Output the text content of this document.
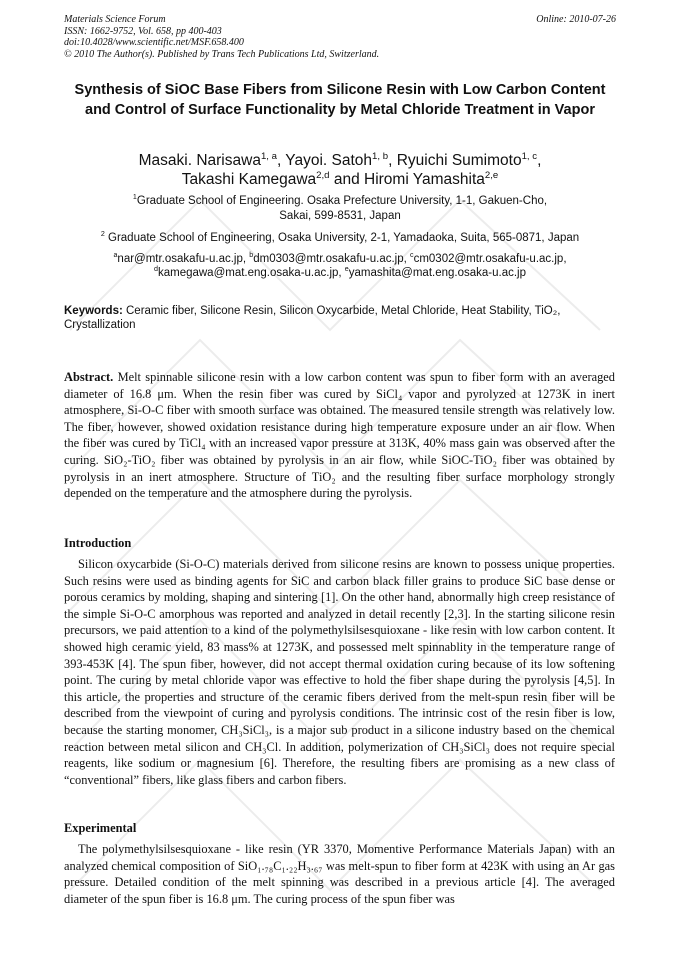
Materials Science Forum	Online: 2010-07-26
ISSN: 1662-9752, Vol. 658, pp 400-403
doi:10.4028/www.scientific.net/MSF.658.400
© 2010 The Author(s). Published by Trans Tech Publications Ltd, Switzerland.
Synthesis of SiOC Base Fibers from Silicone Resin with Low Carbon Content and Control of Surface Functionality by Metal Chloride Treatment in Vapor
Masaki. Narisawa$^{1, a}$, Yayoi. Satoh$^{1, b}$, Ryuichi Sumimoto$^{1, c}$,
Takashi Kamegawa$^{2,d}$ and Hiromi Yamashita$^{2,e}$
$^1$Graduate School of Engineering. Osaka Prefecture University, 1-1, Gakuen-Cho,
Sakai, 599-8531, Japan
$^2$ Graduate School of Engineering, Osaka University, 2-1, Yamadaoka, Suita, 565-0871, Japan
$^a$nar@mtr.osakafu-u.ac.jp, $^b$dm0303@mtr.osakafu-u.ac.jp, $^c$cm0302@mtr.osakafu-u.ac.jp,
$^d$kamegawa@mat.eng.osaka-u.ac.jp, $^e$yamashita@mat.eng.osaka-u.ac.jp
Keywords: Ceramic fiber, Silicone Resin, Silicon Oxycarbide, Metal Chloride, Heat Stability, TiO₂, Crystallization
Abstract. Melt spinnable silicone resin with a low carbon content was spun to fiber form with an averaged diameter of 16.8 μm. When the resin fiber was cured by SiCl₄ vapor and pyrolyzed at 1273K in inert atmosphere, Si-O-C fiber with smooth surface was obtained. The measured tensile strength was relatively low. The fiber, however, showed oxidation resistance during high temperature exposure under an air flow. When the fiber was cured by TiCl₄ with an increased vapor pressure at 313K, 40% mass gain was observed after the curing. SiO₂-TiO₂ fiber was obtained by pyrolysis in an air flow, while SiOC-TiO₂ fiber was obtained by pyrolysis in an inert atmosphere. Structure of TiO₂ and the resulting fiber surface morphology strongly depended on the temperature and the atmosphere during the pyrolysis.
Introduction
Silicon oxycarbide (Si-O-C) materials derived from silicone resins are known to possess unique properties. Such resins were used as binding agents for SiC and carbon black filler grains to produce SiC base dense or porous ceramics by molding, shaping and sintering [1]. On the other hand, abnormally high creep resistance of the simple Si-O-C amorphous was reported and analyzed in detail recently [2,3]. In the starting silicone resin precursors, we paid attention to a kind of the polymethylsilsesquioxane - like resin with low carbon content. It showed high ceramic yield, 83 mass% at 1273K, and possessed melt spinnablity in the temperature range of 393-453K [4]. The spun fiber, however, did not accept thermal oxidation curing because of its low softening point. The curing by metal chloride vapor was effective to hold the fiber shape during the pyrolysis [4,5]. In this article, the properties and structure of the ceramic fibers derived from the melt-spun resin fiber will be described from the viewpoint of curing and pyrolysis conditions. The intrinsic cost of the resin fiber is low, because the starting monomer, CH₃SiCl₃, is a major sub product in a silicone industry based on the chemical reaction between metal silicon and CH₃Cl. In addition, polymerization of CH₃SiCl₃ does not require special reagents, like sodium or magnesium [6]. Therefore, the resulting fibers are promising as a new class of “conventional” fibers, like glass fibers and carbon fibers.
Experimental
The polymethylsilsesquioxane - like resin (YR 3370, Momentive Performance Materials Japan) with an analyzed chemical composition of SiO₁.₇₈C₁.₂₂H₃.₆₇ was melt-spun to fiber form at 423K with using an Ar gas pressure. Detailed condition of the melt spinning was described in a previous article [4]. The averaged diameter of the spun fiber is 16.8 μm. The curing process of the spun fiber was
